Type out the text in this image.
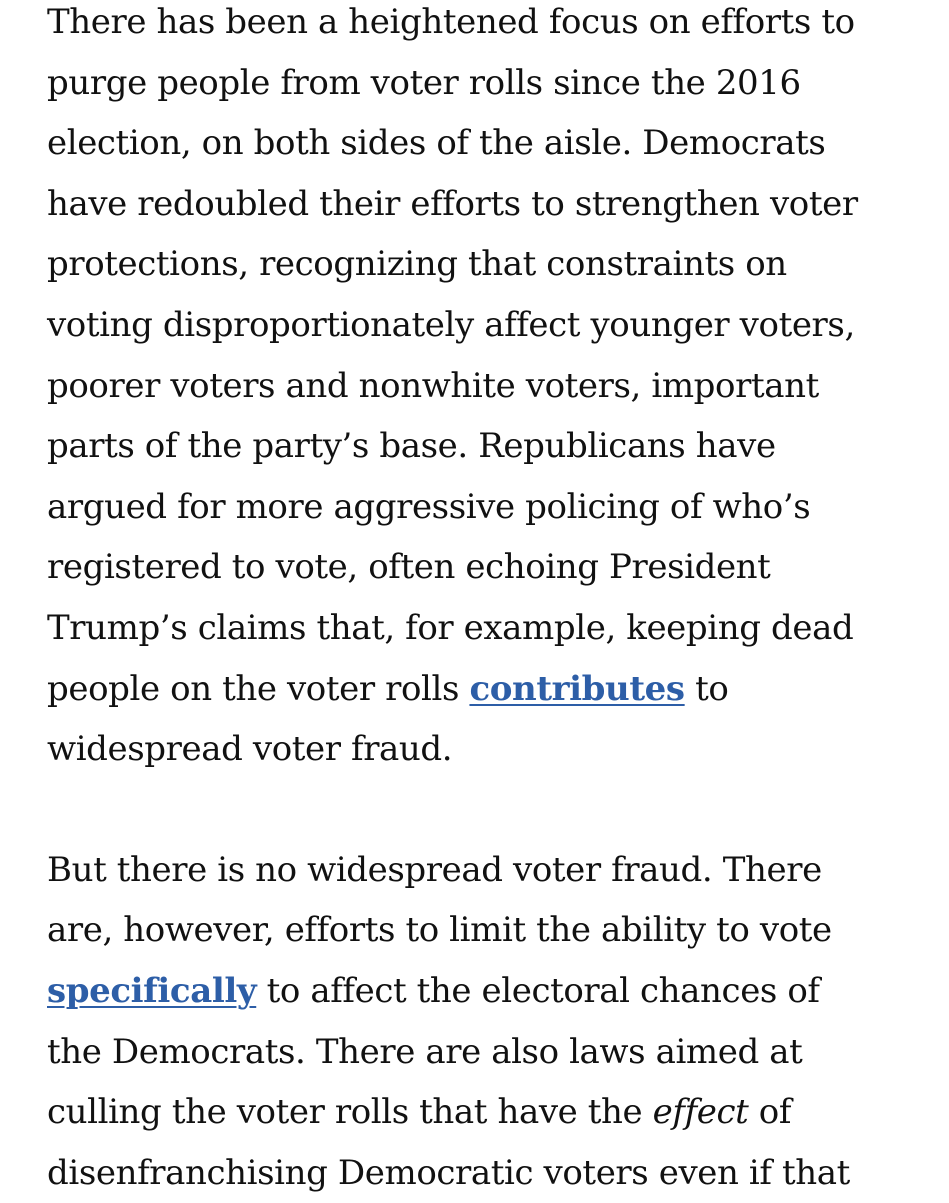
There has been a heightened focus on efforts to
purge people from voter rolls since the 2016
election, on both sides of the aisle. Democrats
have redoubled their efforts to strengthen voter
protections, recognizing that constraints on
voting disproportionately affect younger voters,
poorer voters and nonwhite voters, important
parts of the party’s base. Republicans have
argued for more aggressive policing of who’s
registered to vote, often echoing President
Trump’s claims that, for example, keeping dead
people on the voter rolls contributes to
widespread voter fraud.

But there is no widespread voter fraud. There
are, however, efforts to limit the ability to vote
specifically to affect the electoral chances of
the Democrats. There are also laws aimed at
culling the voter rolls that have the effect of
disenfranchising Democratic voters even if that
